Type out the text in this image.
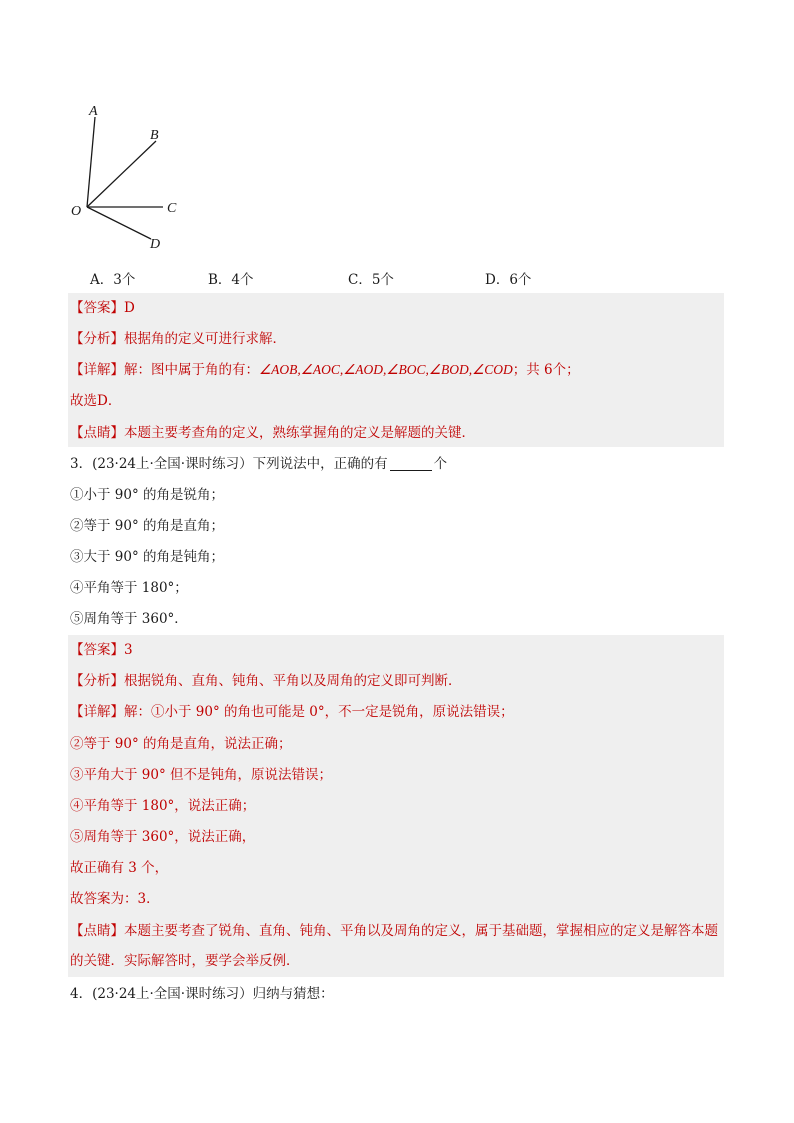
A
B
C
D
O
A．3个	B．4个	C．5个	D．6个
【答案】D
【分析】根据角的定义可进行求解．
【详解】解：图中属于角的有：∠AOB,∠AOC,∠AOD,∠BOC,∠BOD,∠COD；共 6个；
故选D．
【点睛】本题主要考查角的定义，熟练掌握角的定义是解题的关键．
3．(23·24上·全国·课时练习）下列说法中，正确的有	个
①小于 90° 的角是锐角；
②等于 90° 的角是直角；
③大于 90° 的角是钝角；
④平角等于 180°；
⑤周角等于 360°．
【答案】3
【分析】根据锐角、直角、钝角、平角以及周角的定义即可判断．
【详解】解：①小于 90° 的角也可能是 0°，不一定是锐角，原说法错误；
②等于 90° 的角是直角，说法正确；
③平角大于 90° 但不是钝角，原说法错误；
④平角等于 180°，说法正确；
⑤周角等于 360°，说法正确，
故正确有 3 个，
故答案为：3．
【点睛】本题主要考查了锐角、直角、钝角、平角以及周角的定义，属于基础题，掌握相应的定义是解答本题的关键．实际解答时，要学会举反例．
4．(23·24上·全国·课时练习）归纳与猜想：
